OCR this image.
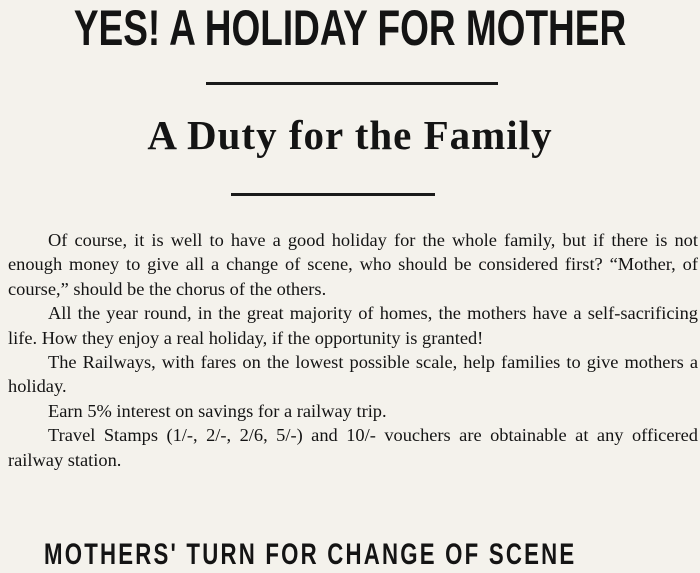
YES! A HOLIDAY FOR MOTHER
A Duty for the Family

Of course, it is well to have a good holiday for the whole family, but if there is not enough money to give all a change of scene, who should be considered first? “Mother, of course,” should be the chorus of the others.

All the year round, in the great majority of homes, the mothers have a self-sacrificing life. How they enjoy a real holiday, if the opportunity is granted!

The Railways, with fares on the lowest possible scale, help families to give mothers a holiday.

Earn 5% interest on savings for a railway trip.

Travel Stamps (1/-, 2/-, 2/6, 5/-) and 10/- vouchers are obtainable at any officered railway station.

MOTHERS' TURN FOR CHANGE OF SCENE
